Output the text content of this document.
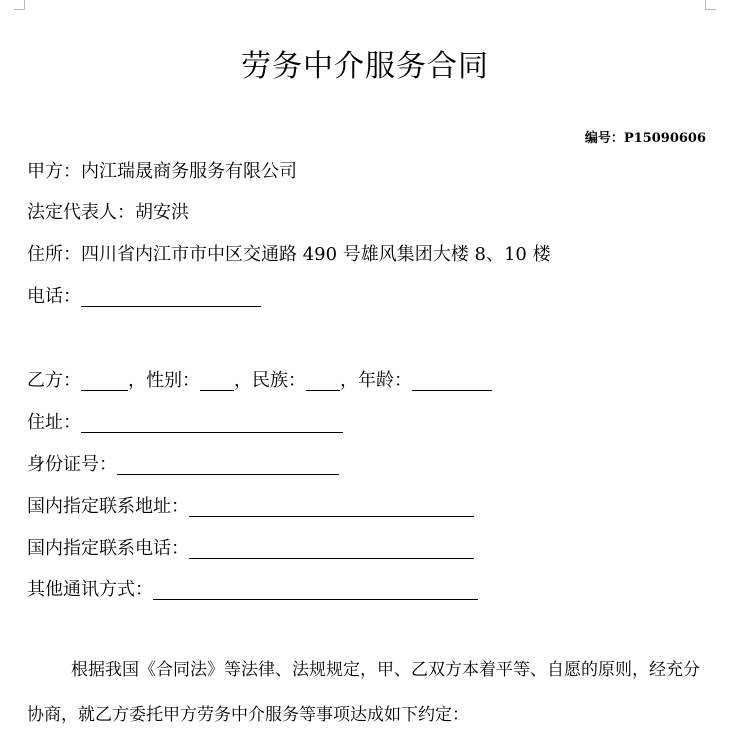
劳务中介服务合同
编号：P15090606
甲方： 内江瑞晟商务服务有限公司
法定代表人： 胡安洪
住所： 四川省内江市市中区交通路 490 号雄风集团大楼 8、10 楼
电话：
乙方：	，性别： ，民族： ，年龄：
住址：
身份证号：
国内指定联系地址：
国内指定联系电话：
其他通讯方式：
根据我国《合同法》等法律、法规规定，甲、乙双方本着平等、自愿的原则，经充分
协商，就乙方委托甲方劳务中介服务等事项达成如下约定：
